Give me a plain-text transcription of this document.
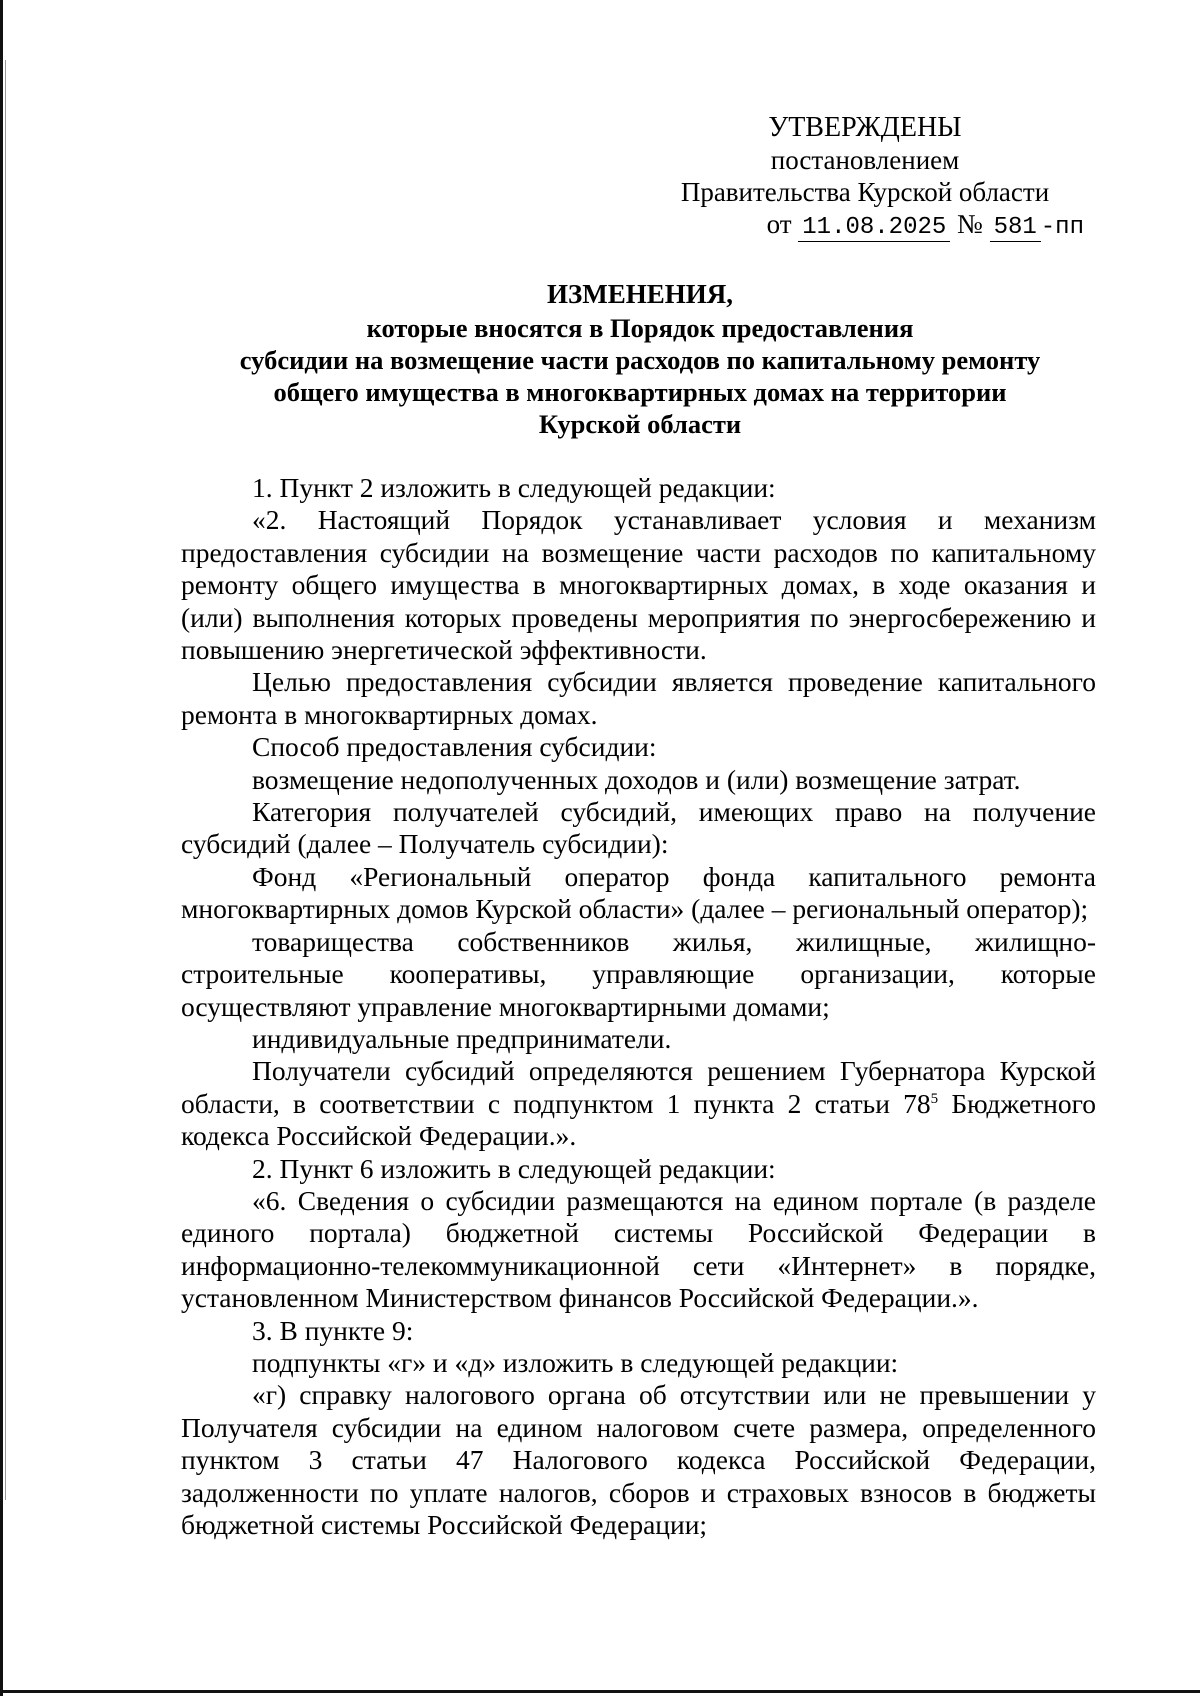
УТВЕРЖДЕНЫ
постановлением
Правительства Курской области
от 11.08.2025 № 581 -пп
ИЗМЕНЕНИЯ,
которые вносятся в Порядок предоставления
субсидии на возмещение части расходов по капитальному ремонту
общего имущества в многоквартирных домах на территории
Курской области

1. Пункт 2 изложить в следующей редакции:

«2. Настоящий Порядок устанавливает условия и механизм предоставления субсидии на возмещение части расходов по капитальному ремонту общего имущества в многоквартирных домах, в ходе оказания и (или) выполнения которых проведены мероприятия по энергосбережению и повышению энергетической эффективности.

Целью предоставления субсидии является проведение капитального ремонта в многоквартирных домах.

Способ предоставления субсидии:

возмещение недополученных доходов и (или) возмещение затрат.

Категория получателей субсидий, имеющих право на получение субсидий (далее – Получатель субсидии):

Фонд «Региональный оператор фонда капитального ремонта многоквартирных домов Курской области» (далее – региональный оператор);

товарищества собственников жилья, жилищные, жилищно-строительные кооперативы, управляющие организации, которые осуществляют управление многоквартирными домами;

индивидуальные предприниматели.

Получатели субсидий определяются решением Губернатора Курской области, в соответствии с подпунктом 1 пункта 2 статьи $78^5$ Бюджетного кодекса Российской Федерации.».

2. Пункт 6 изложить в следующей редакции:

«6. Сведения о субсидии размещаются на едином портале (в разделе единого портала) бюджетной системы Российской Федерации в информационно-телекоммуникационной сети «Интернет» в порядке, установленном Министерством финансов Российской Федерации.».

3. В пункте 9:

подпункты «г» и «д» изложить в следующей редакции:

«г) справку налогового органа об отсутствии или не превышении у Получателя субсидии на едином налоговом счете размера, определенного пунктом 3 статьи 47 Налогового кодекса Российской Федерации, задолженности по уплате налогов, сборов и страховых взносов в бюджеты бюджетной системы Российской Федерации;
